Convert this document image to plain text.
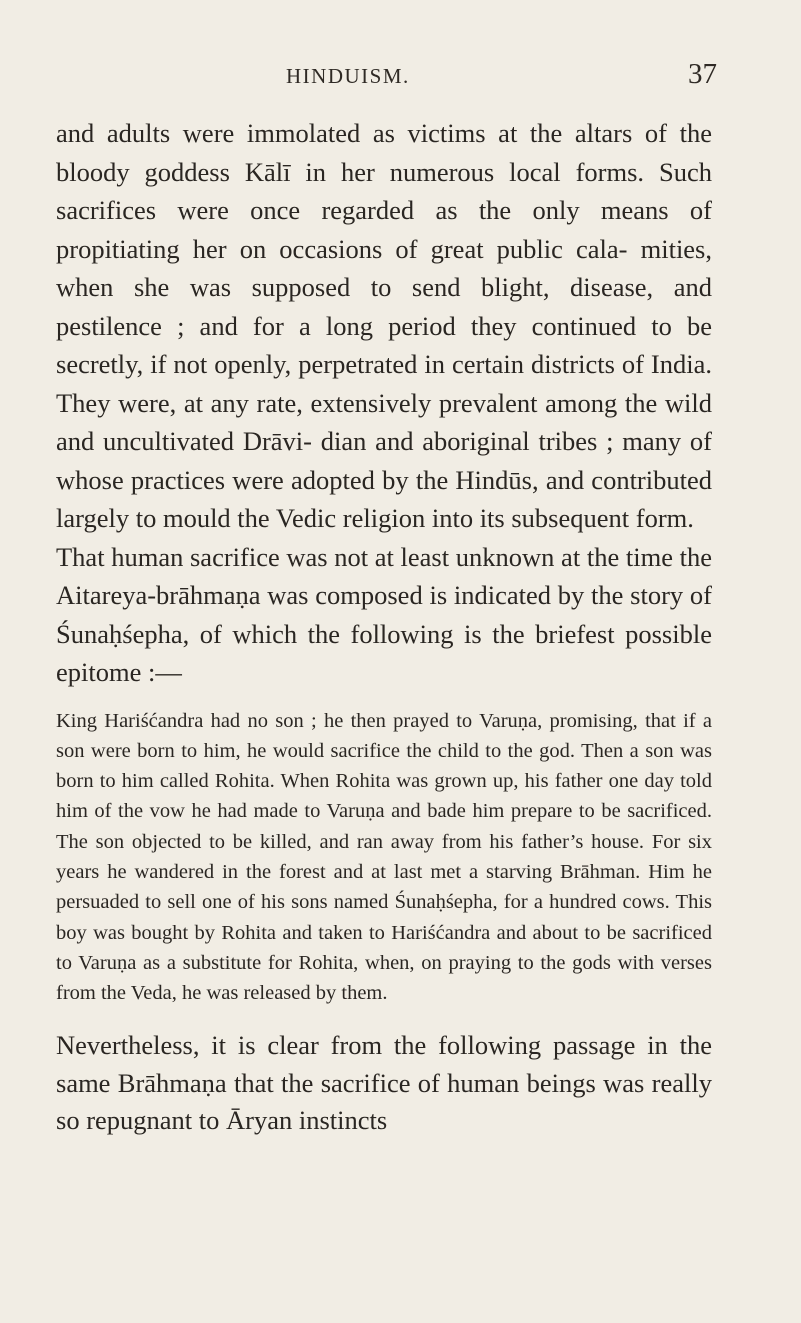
HINDUISM.	37

and adults were immolated as victims at the altars of the bloody goddess Kālī in her numerous local forms. Such sacrifices were once regarded as the only means of propitiating her on occasions of great public cala- mities, when she was supposed to send blight, disease, and pestilence ; and for a long period they continued to be secretly, if not openly, perpetrated in certain districts of India. They were, at any rate, extensively prevalent among the wild and uncultivated Drāvi- dian and aboriginal tribes ; many of whose practices were adopted by the Hindūs, and contributed largely to mould the Vedic religion into its subsequent form.

That human sacrifice was not at least unknown at the time the Aitareya-brāhmaṇa was composed is indicated by the story of Śunaḥśepha, of which the following is the briefest possible epitome :—

King Hariśćandra had no son ; he then prayed to Varuṇa, promising, that if a son were born to him, he would sacrifice the child to the god. Then a son was born to him called Rohita. When Rohita was grown up, his father one day told him of the vow he had made to Varuṇa and bade him prepare to be sacrificed. The son objected to be killed, and ran away from his father’s house. For six years he wandered in the forest and at last met a starving Brāhman. Him he persuaded to sell one of his sons named Śunaḥśepha, for a hundred cows. This boy was bought by Rohita and taken to Hariśćandra and about to be sacrificed to Varuṇa as a substitute for Rohita, when, on praying to the gods with verses from the Veda, he was released by them.

Nevertheless, it is clear from the following passage in the same Brāhmaṇa that the sacrifice of human beings was really so repugnant to Āryan instincts
